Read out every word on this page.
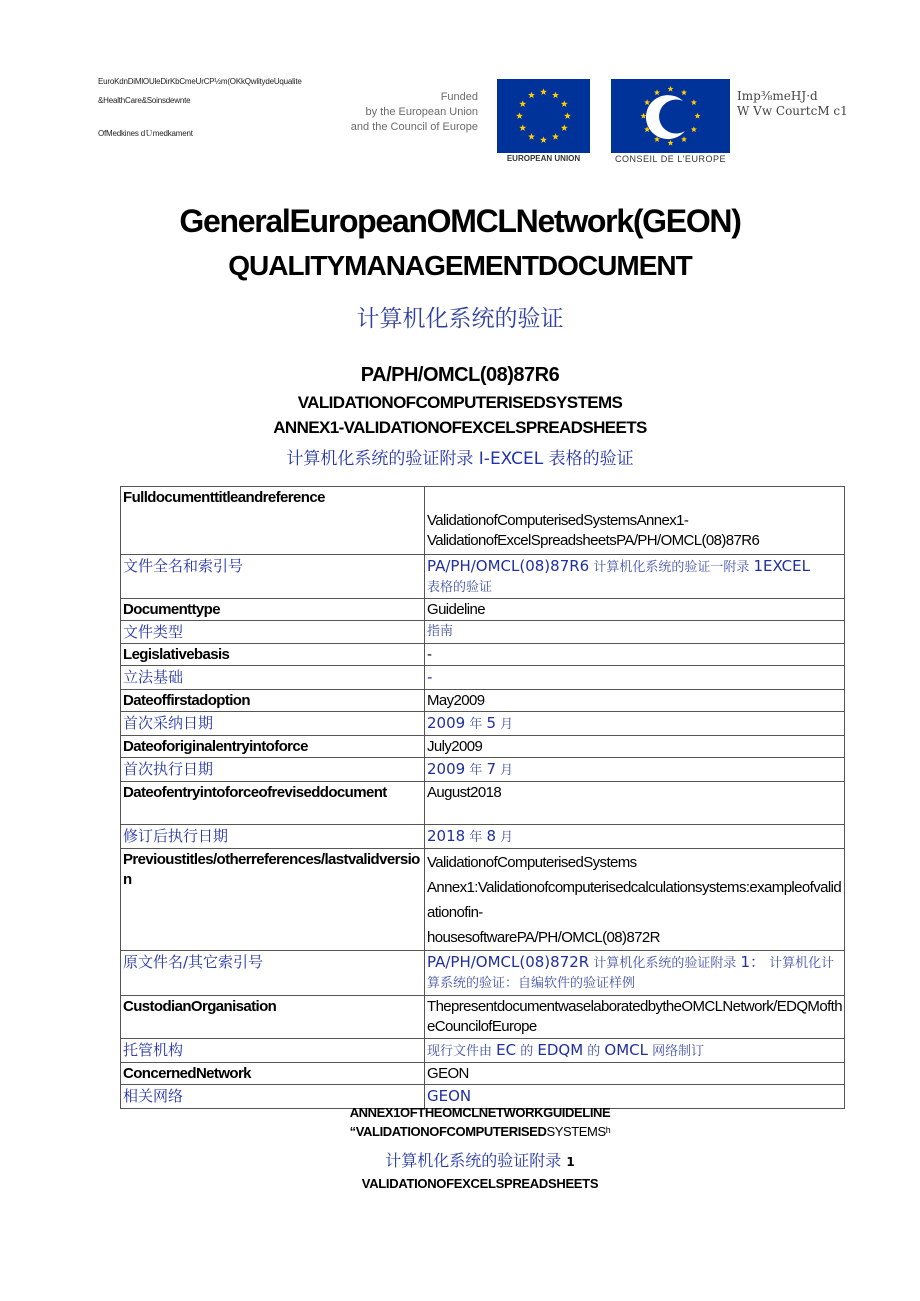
EuroKdnDiMlOUleDirKbCmeUrCP½m(OKkQwlitydeUqualite
&HealthCare&Soinsdewnte
OfMedkines dＵmedkament
Funded
by the European Union
and the Council of Europe
EUROPEAN UNION	CONSEIL DE L'EUROPE
Imp⅜meHJ·d
W Vw CourtcM c1
GeneralEuropeanOMCLNetwork(GEON)
QUALITYMANAGEMENTDOCUMENT
计算机化系统的验证
PA/PH/OMCL(08)87R6
VALIDATIONOFCOMPUTERISEDSYSTEMS
ANNEX1-VALIDATIONOFEXCELSPREADSHEETS
计算机化系统的验证附录 I-EXCEL 表格的验证
Fulldocumenttitleandreference	ValidationofComputerisedSystemsAnnex1-
ValidationofExcelSpreadsheetsPA/PH/OMCL(08)87R6
文件全名和索引号	PA/PH/OMCL(08)87R6 计算机化系统的验证一附录 1EXCEL
表格的验证
Documenttype	Guideline
文件类型	指南
Legislativebasis	-
立法基础	-
Dateoffirstadoption	May2009
首次采纳日期	2009 年 5 月
Dateoforiginalentryintoforce	July2009
首次执行日期	2009 年 7 月
Dateofentryintoforceofreviseddocument	August2018
修订后执行日期	2018 年 8 月
Previoustitles/otherreferences/lastvalidversion	ValidationofComputerisedSystems
Annex1:Validationofcomputerisedcalculationsystems:exampleofvalidationofin-
housesoftwarePA/PH/OMCL(08)872R

原文件名/其它索引号	PA/PH/OMCL(08)872R 计算机化系统的验证附录 1： 计算机化计算系统的验证：自编软件的验证样例
CustodianOrganisation	ThepresentdocumentwaselaboratedbytheOMCLNetwork/EDQMoftheCouncilofEurope
托管机构	现行文件由 EC 的 EDQM 的 OMCL 网络制订
ConcernedNetwork	GEON
相关网络	GEON
ANNEX1OFTHEOMCLNETWORKGUIDELINE
“VALIDATIONOFCOMPUTERISEDSYSTEMSʰ
计算机化系统的验证附录 1
VALIDATIONOFEXCELSPREADSHEETS
